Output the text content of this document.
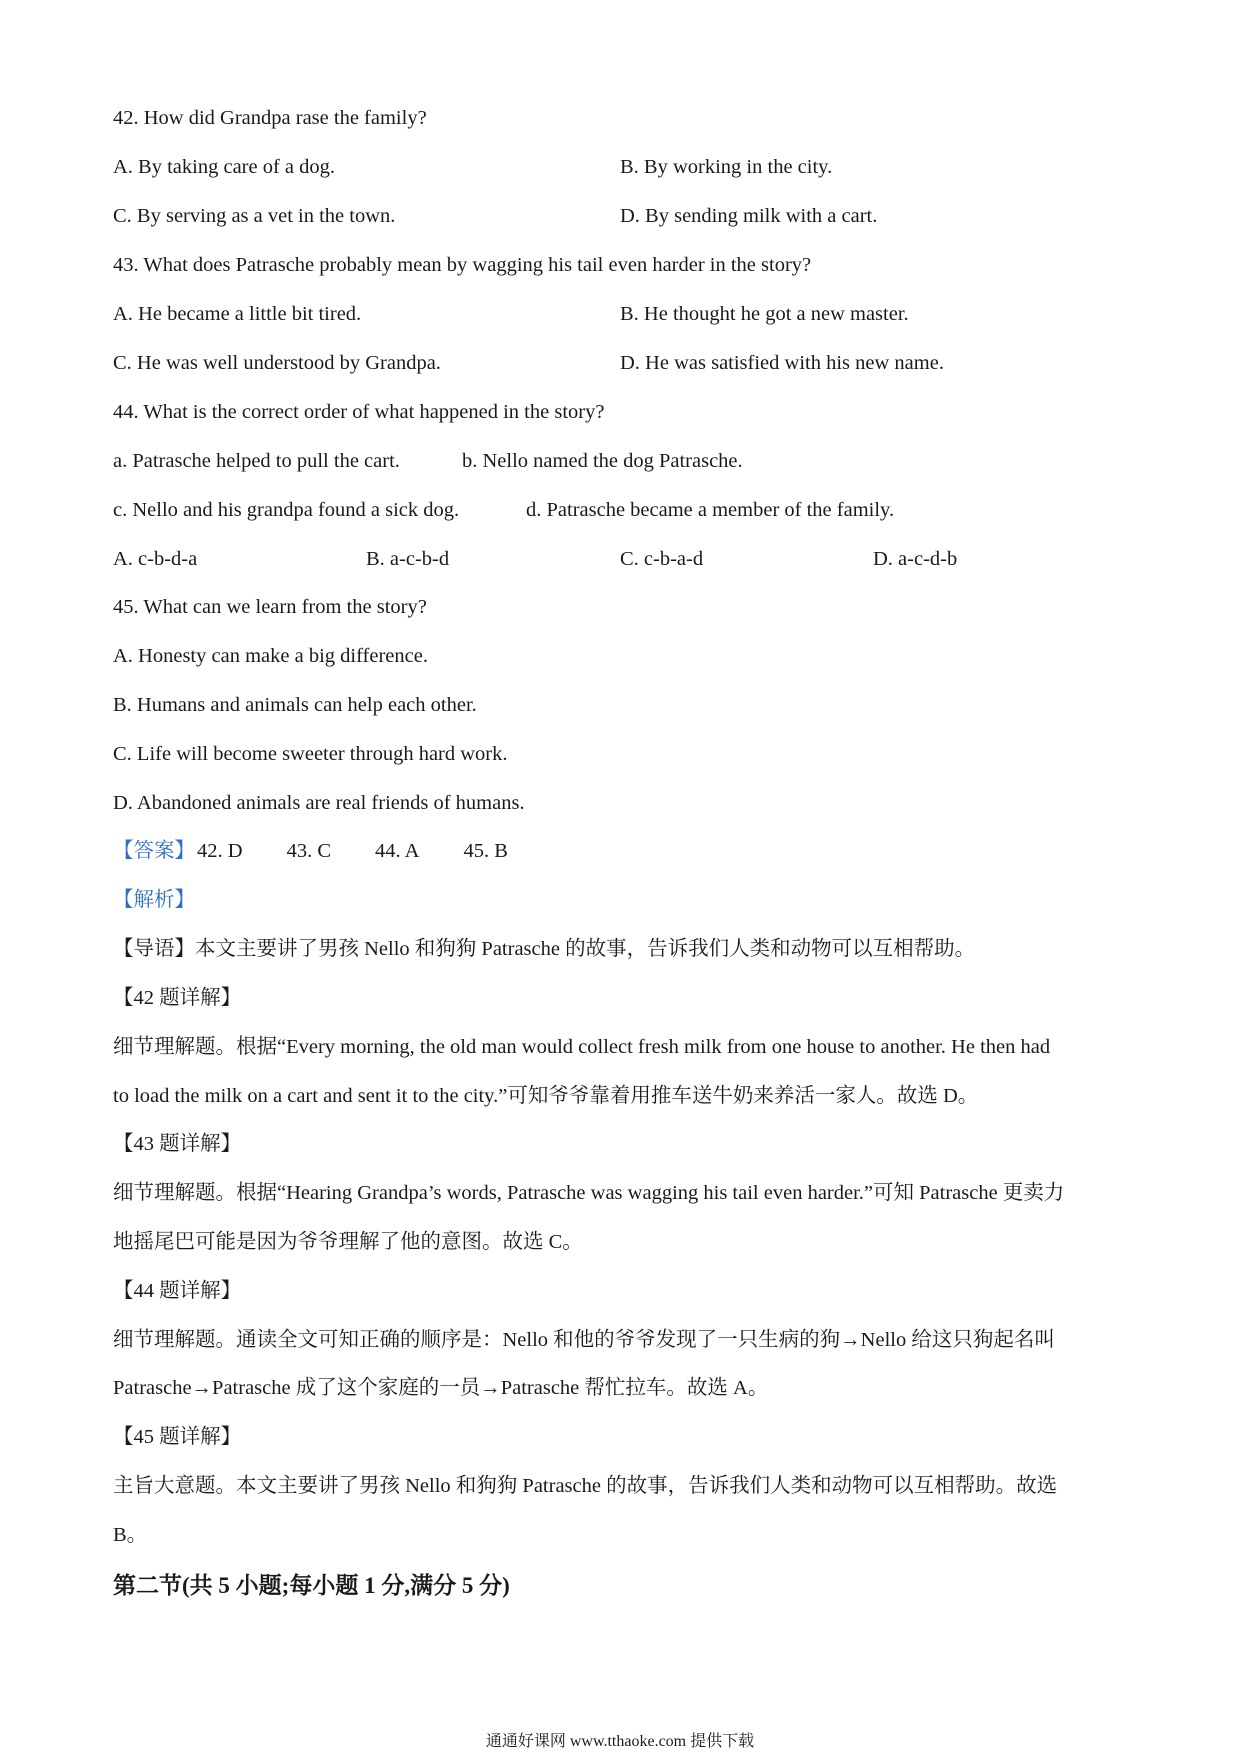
42. How did Grandpa rase the family?
A. By taking care of a dog.	B. By working in the city.
C. By serving as a vet in the town.	D. By sending milk with a cart.
43. What does Patrasche probably mean by wagging his tail even harder in the story?
A. He became a little bit tired.	B. He thought he got a new master.
C. He was well understood by Grandpa.	D. He was satisfied with his new name.
44. What is the correct order of what happened in the story?
a. Patrasche helped to pull the cart.	b. Nello named the dog Patrasche.
c. Nello and his grandpa found a sick dog.	d. Patrasche became a member of the family.
A. c-b-d-a	B. a-c-b-d	C. c-b-a-d	D. a-c-d-b
45. What can we learn from the story?
A. Honesty can make a big difference.
B. Humans and animals can help each other.
C. Life will become sweeter through hard work.
D. Abandoned animals are real friends of humans.
【答案】42. D 43. C 44. A 45. B
【解析】
【导语】本文主要讲了男孩 Nello 和狗狗 Patrasche 的故事，告诉我们人类和动物可以互相帮助。
【42 题详解】
细节理解题。根据“Every morning, the old man would collect fresh milk from one house to another. He then had
to load the milk on a cart and sent it to the city.”可知爷爷靠着用推车送牛奶来养活一家人。故选 D。
【43 题详解】
细节理解题。根据“Hearing Grandpa’s words, Patrasche was wagging his tail even harder.”可知 Patrasche 更卖力
地摇尾巴可能是因为爷爷理解了他的意图。故选 C。
【44 题详解】
细节理解题。通读全文可知正确的顺序是：Nello 和他的爷爷发现了一只生病的狗→Nello 给这只狗起名叫
Patrasche→Patrasche 成了这个家庭的一员→Patrasche 帮忙拉车。故选 A。
【45 题详解】
主旨大意题。本文主要讲了男孩 Nello 和狗狗 Patrasche 的故事，告诉我们人类和动物可以互相帮助。故选
B。
第二节(共 5 小题;每小题 1 分,满分 5 分)
通通好课网 www.tthaoke.com 提供下载
